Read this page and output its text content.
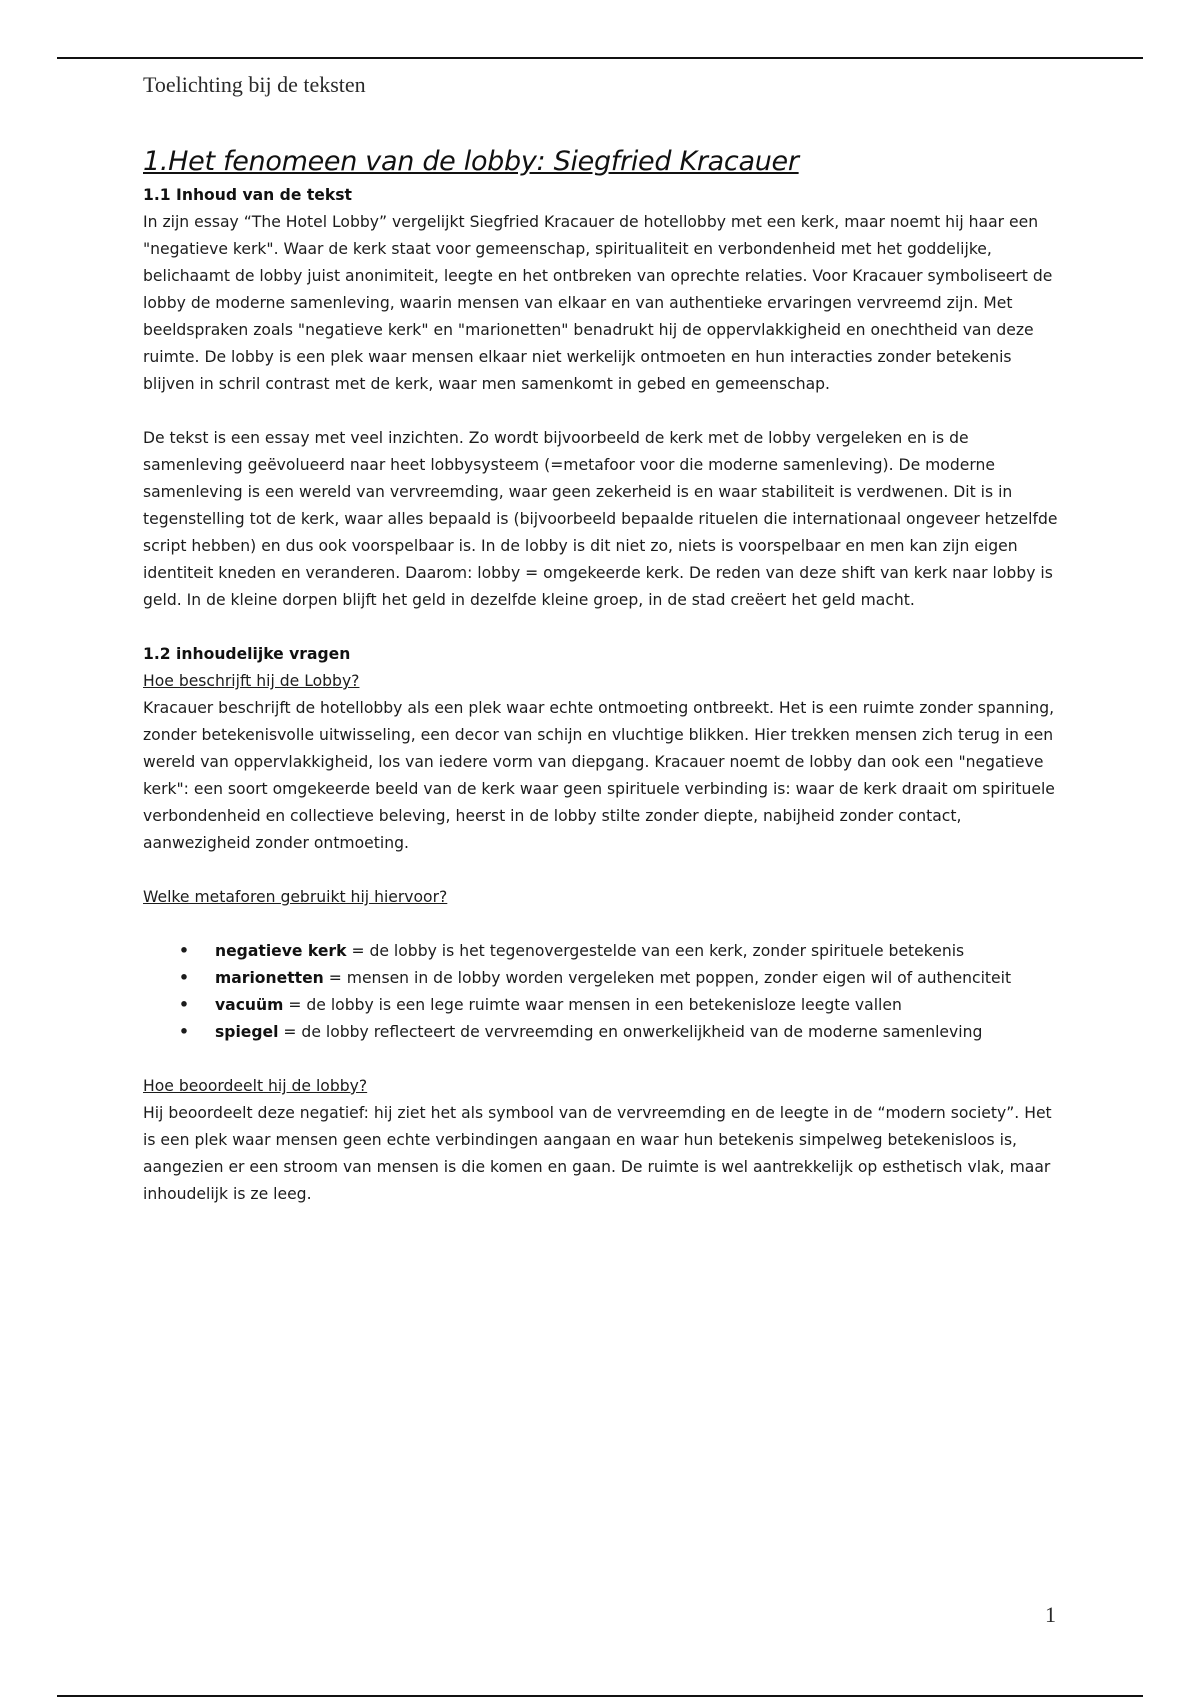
Toelichting bij de teksten
1.Het fenomeen van de lobby: Siegfried Kracauer
1.1 Inhoud van de tekst

In zijn essay “The Hotel Lobby” vergelijkt Siegfried Kracauer de hotellobby met een kerk, maar noemt hij haar een "negatieve kerk". Waar de kerk staat voor gemeenschap, spiritualiteit en verbondenheid met het goddelijke, belichaamt de lobby juist anonimiteit, leegte en het ontbreken van oprechte relaties. Voor Kracauer symboliseert de lobby de moderne samenleving, waarin mensen van elkaar en van authentieke ervaringen vervreemd zijn. Met beeldspraken zoals "negatieve kerk" en "marionetten" benadrukt hij de oppervlakkigheid en onechtheid van deze ruimte. De lobby is een plek waar mensen elkaar niet werkelijk ontmoeten en hun interacties zonder betekenis blijven in schril contrast met de kerk, waar men samenkomt in gebed en gemeenschap.

De tekst is een essay met veel inzichten. Zo wordt bijvoorbeeld de kerk met de lobby vergeleken en is de samenleving geëvolueerd naar heet lobbysysteem (=metafoor voor die moderne samenleving). De moderne samenleving is een wereld van vervreemding, waar geen zekerheid is en waar stabiliteit is verdwenen. Dit is in tegenstelling tot de kerk, waar alles bepaald is (bijvoorbeeld bepaalde rituelen die internationaal ongeveer hetzelfde script hebben) en dus ook voorspelbaar is. In de lobby is dit niet zo, niets is voorspelbaar en men kan zijn eigen identiteit kneden en veranderen. Daarom: lobby = omgekeerde kerk. De reden van deze shift van kerk naar lobby is geld. In de kleine dorpen blijft het geld in dezelfde kleine groep, in de stad creëert het geld macht.

1.2 inhoudelijke vragen
Hoe beschrijft hij de Lobby?

Kracauer beschrijft de hotellobby als een plek waar echte ontmoeting ontbreekt. Het is een ruimte zonder spanning, zonder betekenisvolle uitwisseling, een decor van schijn en vluchtige blikken. Hier trekken mensen zich terug in een wereld van oppervlakkigheid, los van iedere vorm van diepgang. Kracauer noemt de lobby dan ook een "negatieve kerk": een soort omgekeerde beeld van de kerk waar geen spirituele verbinding is: waar de kerk draait om spirituele verbondenheid en collectieve beleving, heerst in de lobby stilte zonder diepte, nabijheid zonder contact, aanwezigheid zonder ontmoeting.

Welke metaforen gebruikt hij hiervoor?
• negatieve kerk = de lobby is het tegenovergestelde van een kerk, zonder spirituele betekenis
• marionetten = mensen in de lobby worden vergeleken met poppen, zonder eigen wil of authenciteit
• vacuüm = de lobby is een lege ruimte waar mensen in een betekenisloze leegte vallen
• spiegel = de lobby reflecteert de vervreemding en onwerkelijkheid van de moderne samenleving
Hoe beoordeelt hij de lobby?

Hij beoordeelt deze negatief: hij ziet het als symbool van de vervreemding en de leegte in de “modern society”. Het is een plek waar mensen geen echte verbindingen aangaan en waar hun betekenis simpelweg betekenisloos is, aangezien er een stroom van mensen is die komen en gaan. De ruimte is wel aantrekkelijk op esthetisch vlak, maar inhoudelijk is ze leeg.

1
